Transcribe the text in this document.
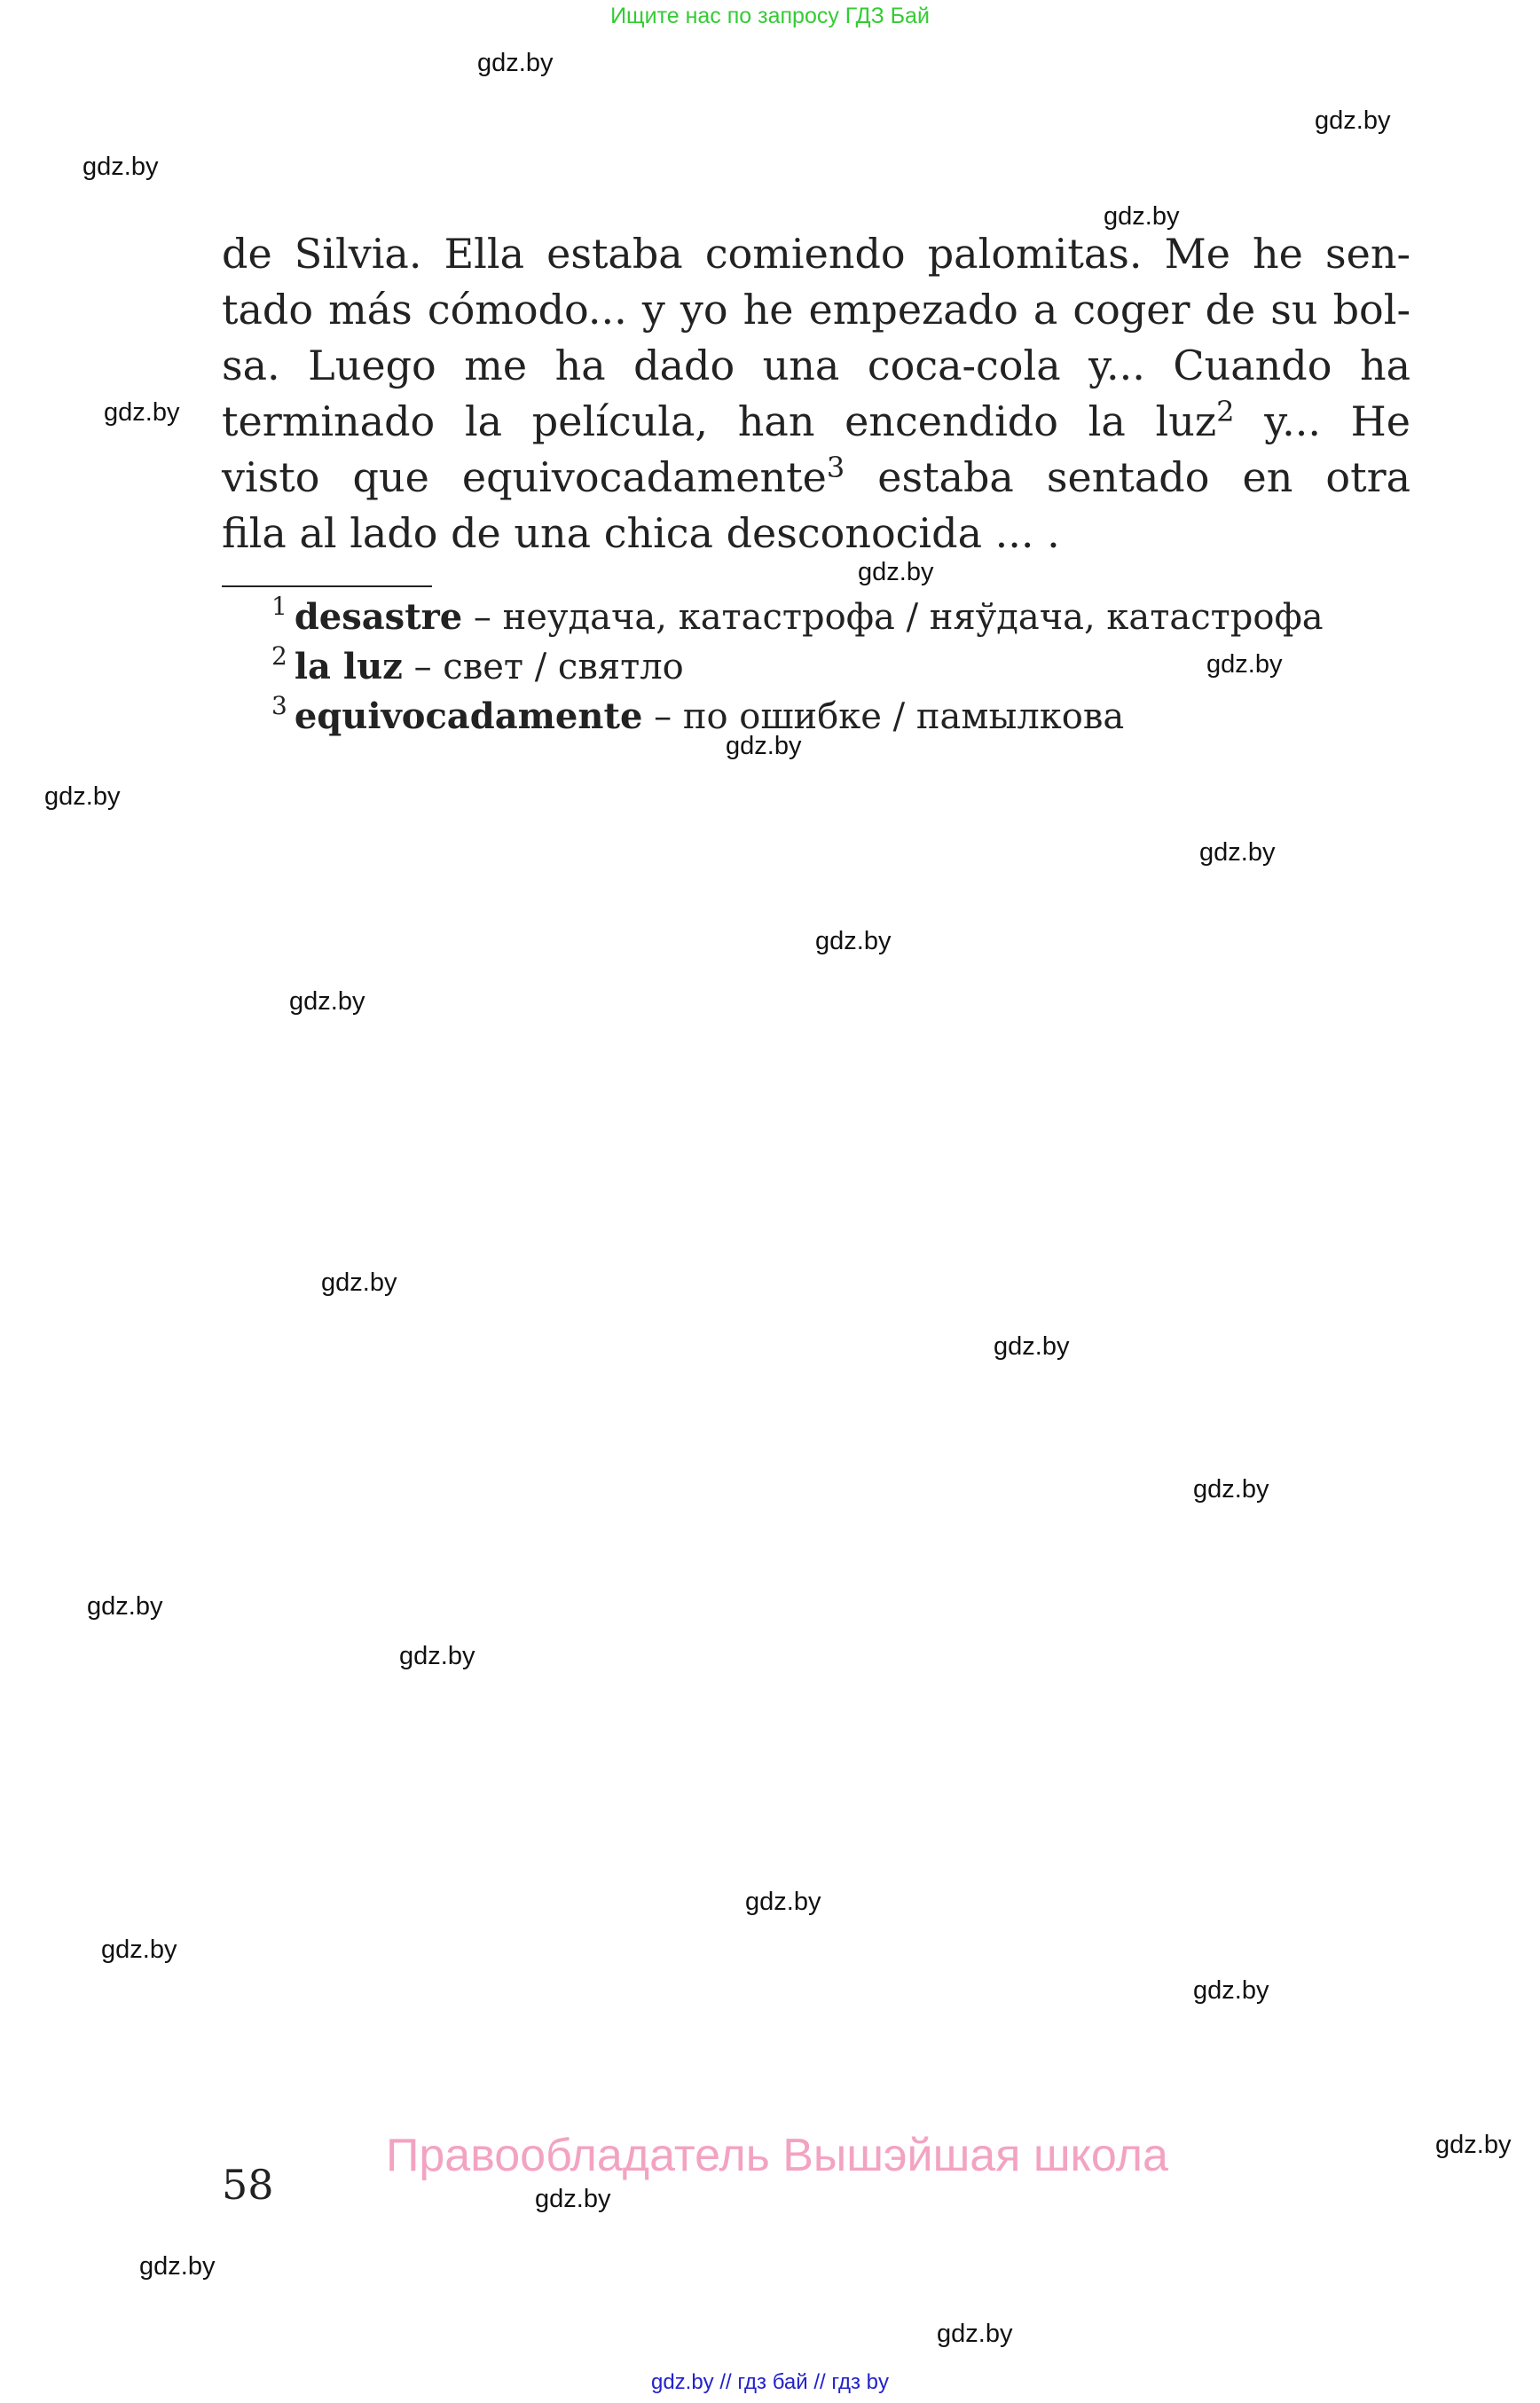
Ищите нас по запросу ГДЗ Бай
gdz.by
gdz.by
gdz.by
gdz.by
gdz.by
gdz.by
gdz.by
gdz.by
gdz.by
gdz.by
gdz.by
gdz.by
gdz.by
gdz.by
gdz.by
gdz.by
gdz.by
gdz.by
gdz.by
gdz.by
gdz.by
gdz.by
gdz.by
gdz.by
de Silvia. Ella estaba comiendo palomitas. Me he sen-
tado más cómodo... y yo he empezado a coger de su bol-
sa. Luego me ha dado una coca-cola y... Cuando ha
terminado la película, han encendido la luz$^2$ y... He
visto que equivocadamente$^3$ estaba sentado en otra
fila al lado de una chica desconocida ... .
$^1$ desastre – неудача, катастрофа / няўдача, катастрофа
$^2$ la luz – свет / святло
$^3$ equivocadamente – по ошибке / памылкова
Правообладатель Вышэйшая школа
58
gdz.by // гдз бай // гдз by
